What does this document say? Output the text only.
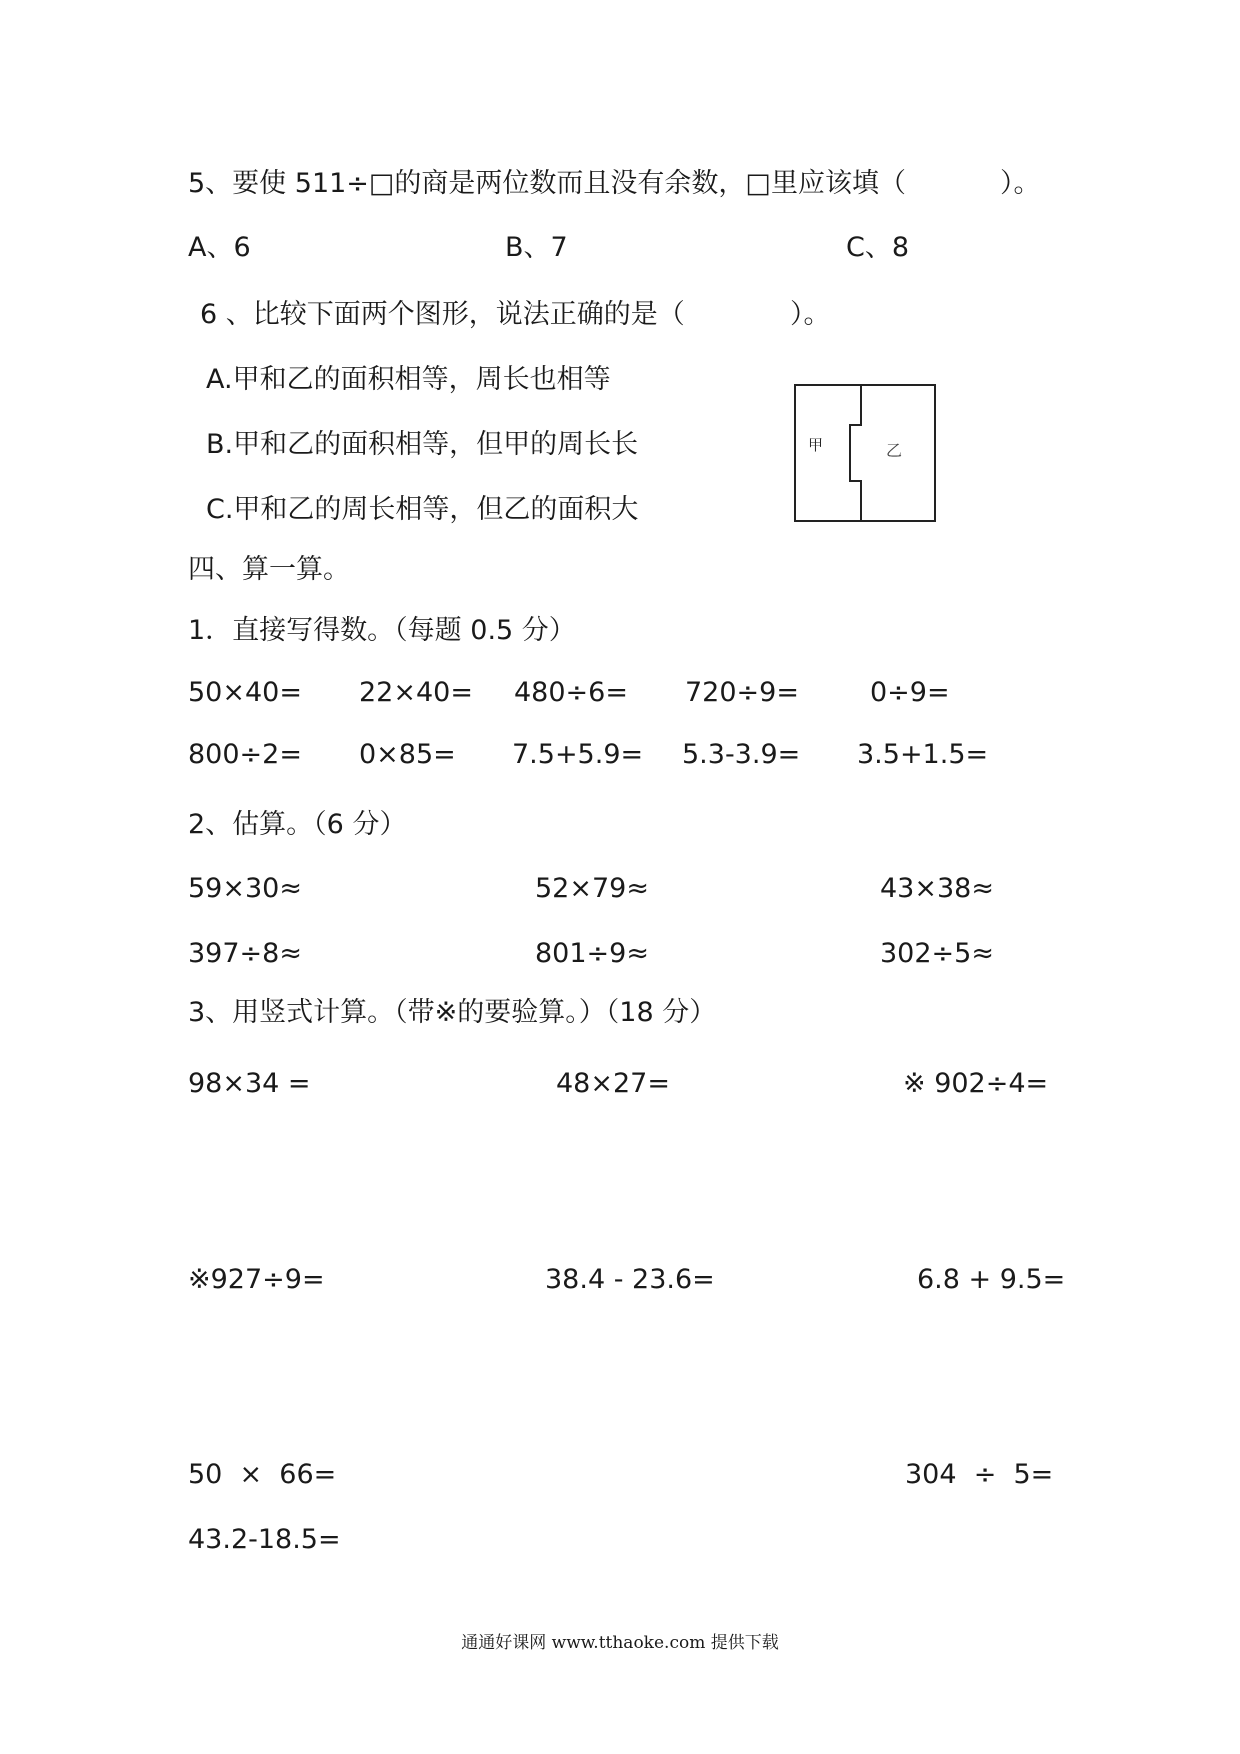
5、要使 511÷□的商是两位数而且没有余数，□里应该填（	）。
A、6	B、7	C、8
6 、比较下面两个图形，说法正确的是（	）。
A.甲和乙的面积相等，周长也相等
B.甲和乙的面积相等，但甲的周长长
C.甲和乙的周长相等，但乙的面积大
甲	乙
四、算一算。
1．直接写得数。（每题 0.5 分）
50×40= 22×40= 480÷6= 720÷9=	0÷9=
800÷2= 0×85= 7.5+5.9= 5.3-3.9= 3.5+1.5=
2、估算。（6 分）
59×30≈	52×79≈	43×38≈
397÷8≈	801÷9≈	302÷5≈
3、用竖式计算。（带※的要验算。）（18 分）
98×34 =	48×27=	※ 902÷4=
※927÷9=	38.4 - 23.6=	6.8 + 9.5=
50  ×  66=	304  ÷  5=
43.2-18.5=
通通好课网 www.tthaoke.com 提供下载
